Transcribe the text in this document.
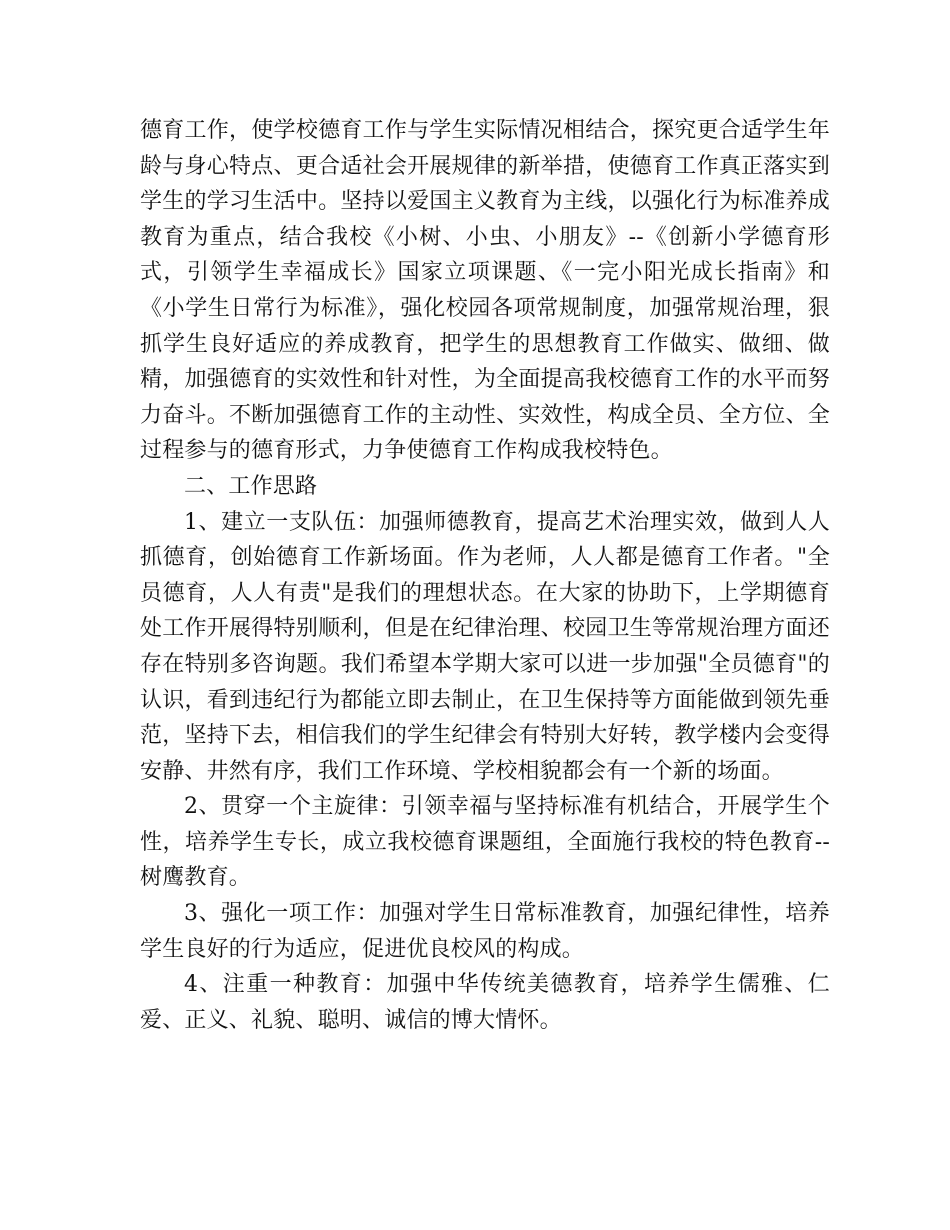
德育工作，使学校德育工作与学生实际情况相结合，探究更合适学生年龄与身心特点、更合适社会开展规律的新举措，使德育工作真正落实到学生的学习生活中。坚持以爱国主义教育为主线，以强化行为标准养成教育为重点，结合我校《小树、小虫、小朋友》--《创新小学德育形式，引领学生幸福成长》国家立项课题、《一完小阳光成长指南》和《小学生日常行为标准》，强化校园各项常规制度，加强常规治理，狠抓学生良好适应的养成教育，把学生的思想教育工作做实、做细、做精，加强德育的实效性和针对性，为全面提高我校德育工作的水平而努力奋斗。不断加强德育工作的主动性、实效性，构成全员、全方位、全过程参与的德育形式，力争使德育工作构成我校特色。

二、工作思路

1、建立一支队伍：加强师德教育，提高艺术治理实效，做到人人抓德育，创始德育工作新场面。作为老师，人人都是德育工作者。"全员德育，人人有责"是我们的理想状态。在大家的协助下，上学期德育处工作开展得特别顺利，但是在纪律治理、校园卫生等常规治理方面还存在特别多咨询题。我们希望本学期大家可以进一步加强"全员德育"的认识，看到违纪行为都能立即去制止，在卫生保持等方面能做到领先垂范，坚持下去，相信我们的学生纪律会有特别大好转，教学楼内会变得安静、井然有序，我们工作环境、学校相貌都会有一个新的场面。

2、贯穿一个主旋律：引领幸福与坚持标准有机结合，开展学生个性，培养学生专长，成立我校德育课题组，全面施行我校的特色教育--树鹰教育。

3、强化一项工作：加强对学生日常标准教育，加强纪律性，培养学生良好的行为适应，促进优良校风的构成。

4、注重一种教育：加强中华传统美德教育，培养学生儒雅、仁爱、正义、礼貌、聪明、诚信的博大情怀。
